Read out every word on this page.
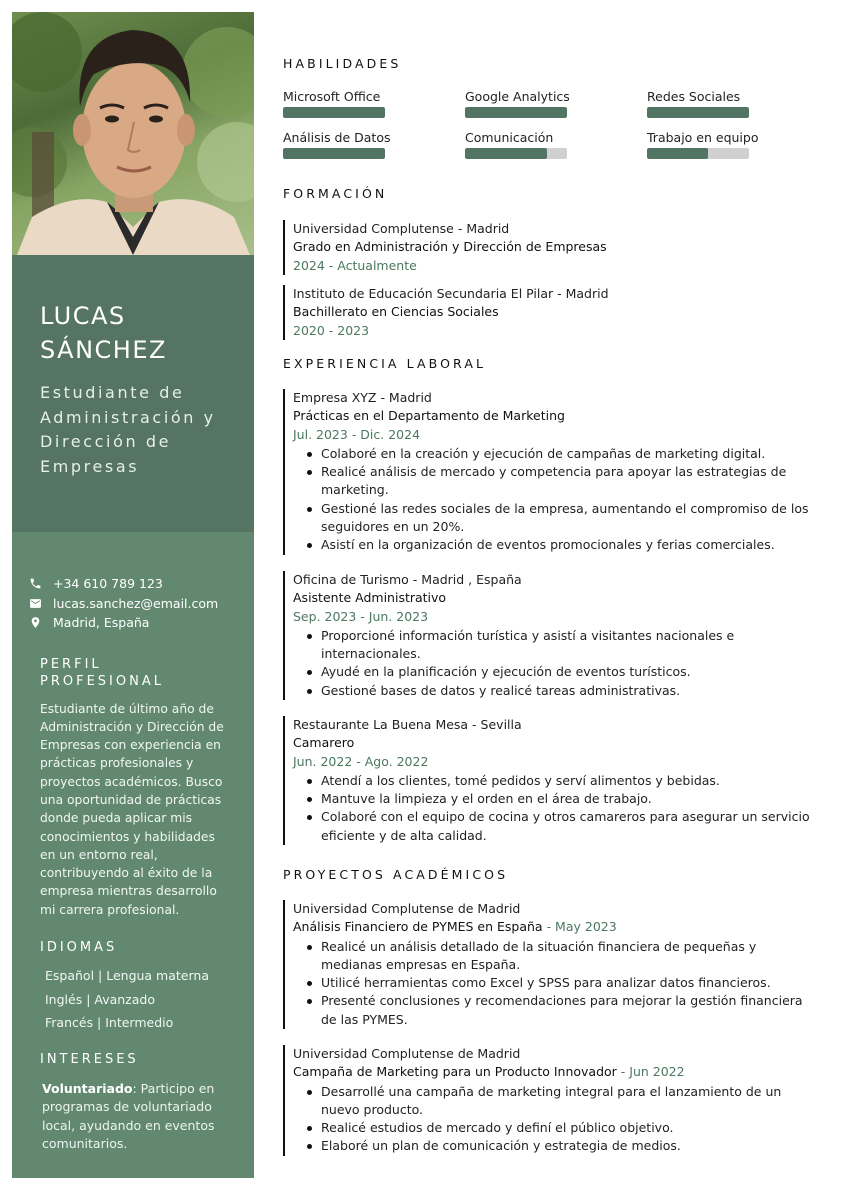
LUCAS
SÁNCHEZ
Estudiante de Administración y Dirección de Empresas
+34 610 789 123
lucas.sanchez@email.com
Madrid, España
PERFIL PROFESIONAL
Estudiante de último año de Administración y Dirección de Empresas con experiencia en prácticas profesionales y proyectos académicos. Busco una oportunidad de prácticas donde pueda aplicar mis conocimientos y habilidades en un entorno real, contribuyendo al éxito de la empresa mientras desarrollo mi carrera profesional.
IDIOMAS
Español | Lengua materna
Inglés | Avanzado
Francés | Intermedio
INTERESES
Voluntariado: Participo en programas de voluntariado local, ayudando en eventos comunitarios.
HABILIDADES
Microsoft Office	Google Analytics	Redes Sociales
Análisis de Datos	Comunicación	Trabajo en equipo
FORMACIÓN
Universidad Complutense - Madrid
Grado en Administración y Dirección de Empresas
2024 - Actualmente
Instituto de Educación Secundaria El Pilar - Madrid
Bachillerato en Ciencias Sociales
2020 - 2023
EXPERIENCIA LABORAL
Empresa XYZ - Madrid
Prácticas en el Departamento de Marketing
Jul. 2023 - Dic. 2024
Colaboré en la creación y ejecución de campañas de marketing digital.
Realicé análisis de mercado y competencia para apoyar las estrategias de marketing.
Gestioné las redes sociales de la empresa, aumentando el compromiso de los seguidores en un 20%.
Asistí en la organización de eventos promocionales y ferias comerciales.
Oficina de Turismo - Madrid , España
Asistente Administrativo
Sep. 2023 - Jun. 2023
Proporcioné información turística y asistí a visitantes nacionales e internacionales.
Ayudé en la planificación y ejecución de eventos turísticos.
Gestioné bases de datos y realicé tareas administrativas.
Restaurante La Buena Mesa - Sevilla
Camarero
Jun. 2022 - Ago. 2022
Atendí a los clientes, tomé pedidos y serví alimentos y bebidas.
Mantuve la limpieza y el orden en el área de trabajo.
Colaboré con el equipo de cocina y otros camareros para asegurar un servicio eficiente y de alta calidad.
PROYECTOS ACADÉMICOS
Universidad Complutense de Madrid
Análisis Financiero de PYMES en España - May 2023
Realicé un análisis detallado de la situación financiera de pequeñas y medianas empresas en España.
Utilicé herramientas como Excel y SPSS para analizar datos financieros.
Presenté conclusiones y recomendaciones para mejorar la gestión financiera de las PYMES.
Universidad Complutense de Madrid
Campaña de Marketing para un Producto Innovador - Jun 2022
Desarrollé una campaña de marketing integral para el lanzamiento de un nuevo producto.
Realicé estudios de mercado y definí el público objetivo.
Elaboré un plan de comunicación y estrategia de medios.
